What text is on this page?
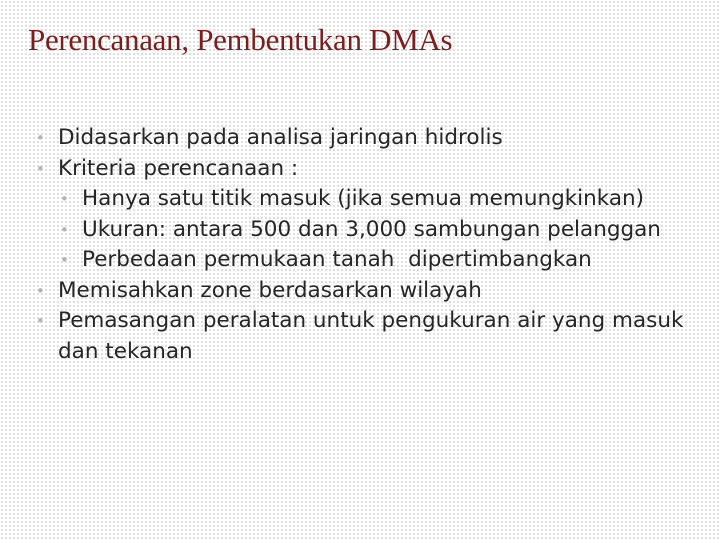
Perencanaan, Pembentukan DMAs
• Didasarkan pada analisa jaringan hidrolis
• Kriteria perencanaan :
• Hanya satu titik masuk (jika semua memungkinkan)
• Ukuran: antara 500 dan 3,000 sambungan pelanggan
• Perbedaan permukaan tanah  dipertimbangkan
• Memisahkan zone berdasarkan wilayah
• Pemasangan peralatan untuk pengukuran air yang masuk dan tekanan
